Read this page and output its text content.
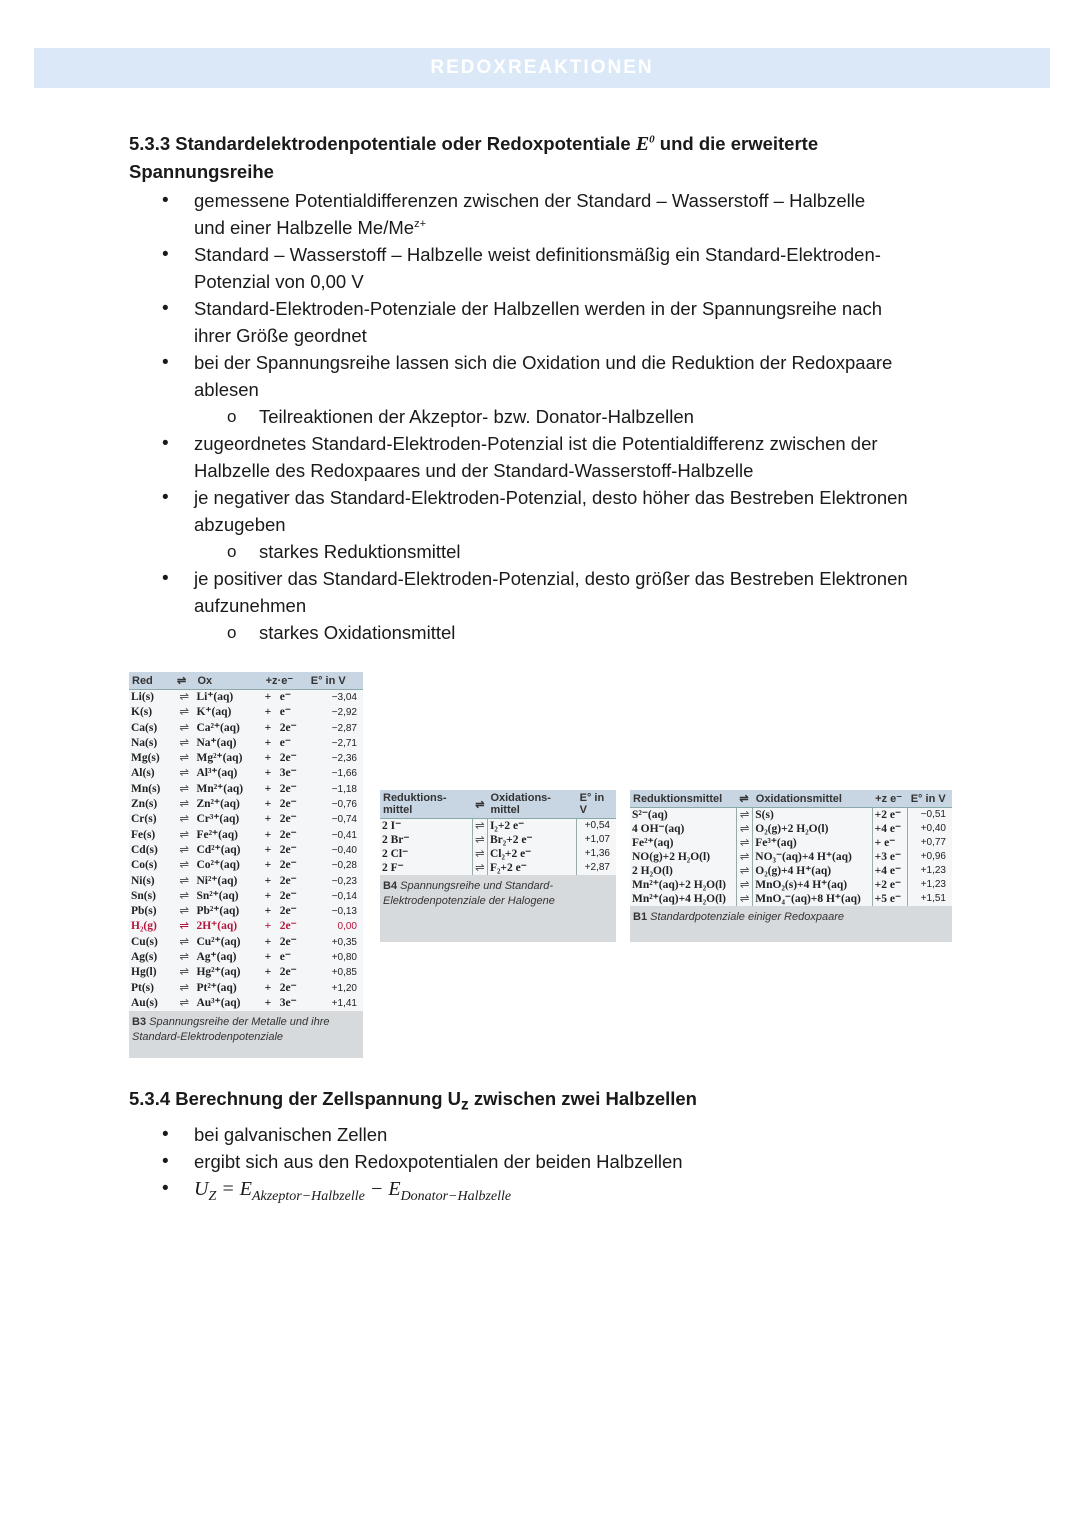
REDOXREAKTIONEN
5.3.3 Standardelektrodenpotentiale oder Redoxpotentiale $E^0$ und die erweiterte
Spannungsreihe
• gemessene Potentialdifferenzen zwischen der Standard – Wasserstoff – Halbzelle
und einer Halbzelle $Me/Me^{z+}$
• Standard – Wasserstoff – Halbzelle weist definitionsmäßig ein Standard-Elektroden-
Potenzial von 0,00 V
• Standard-Elektroden-Potenziale der Halbzellen werden in der Spannungsreihe nach
ihrer Größe geordnet
• bei der Spannungsreihe lassen sich die Oxidation und die Reduktion der Redoxpaare
ablesen
o Teilreaktionen der Akzeptor- bzw. Donator-Halbzellen
• zugeordnetes Standard-Elektroden-Potenzial ist die Potentialdifferenz zwischen der
Halbzelle des Redoxpaares und der Standard-Wasserstoff-Halbzelle
• je negativer das Standard-Elektroden-Potenzial, desto höher das Bestreben Elektronen
abzugeben
o starkes Reduktionsmittel
• je positiver das Standard-Elektroden-Potenzial, desto größer das Bestreben Elektronen
aufzunehmen
o starkes Oxidationsmittel
Red	⇌	Ox	+z·e⁻		E° in V
Li(s)	⇌	Li⁺(aq)	+	e⁻	−3,04
K(s)	⇌	K⁺(aq)	+	e⁻	−2,92
Ca(s)	⇌	Ca²⁺(aq)	+	2e⁻	−2,87
Na(s)	⇌	Na⁺(aq)	+	e⁻	−2,71
Mg(s)	⇌	Mg²⁺(aq)	+	2e⁻	−2,36
Al(s)	⇌	Al³⁺(aq)	+	3e⁻	−1,66
Mn(s)	⇌	Mn²⁺(aq)	+	2e⁻	−1,18
Zn(s)	⇌	Zn²⁺(aq)	+	2e⁻	−0,76
Cr(s)	⇌	Cr³⁺(aq)	+	2e⁻	−0,74
Fe(s)	⇌	Fe²⁺(aq)	+	2e⁻	−0,41
Cd(s)	⇌	Cd²⁺(aq)	+	2e⁻	−0,40
Co(s)	⇌	Co²⁺(aq)	+	2e⁻	−0,28
Ni(s)	⇌	Ni²⁺(aq)	+	2e⁻	−0,23
Sn(s)	⇌	Sn²⁺(aq)	+	2e⁻	−0,14
Pb(s)	⇌	Pb²⁺(aq)	+	2e⁻	−0,13
H₂(g)	⇌	2H⁺(aq)	+	2e⁻	0,00
Cu(s)	⇌	Cu²⁺(aq)	+	2e⁻	+0,35
Ag(s)	⇌	Ag⁺(aq)	+	e⁻	+0,80
Hg(l)	⇌	Hg²⁺(aq)	+	2e⁻	+0,85
Pt(s)	⇌	Pt²⁺(aq)	+	2e⁻	+1,20
Au(s)	⇌	Au³⁺(aq)	+	3e⁻	+1,41
B3 Spannungsreihe der Metalle und ihre Standard-Elektrodenpotenziale
Reduktions-mittel	⇌	Oxidations-mittel	E° in V
2 I⁻	⇌	I₂+2 e⁻	+0,54
2 Br⁻	⇌	Br₂+2 e⁻	+1,07
2 Cl⁻	⇌	Cl₂+2 e⁻	+1,36
2 F⁻	⇌	F₂+2 e⁻	+2,87
B4 Spannungsreihe und Standard-Elektrodenpotenziale der Halogene
Reduktionsmittel	⇌	Oxidationsmittel	+z e⁻	E° in V
S²⁻(aq)	⇌	S(s)	+2 e⁻	−0,51
4 OH⁻(aq)	⇌	O₂(g)+2 H₂O(l)	+4 e⁻	+0,40
Fe²⁺(aq)	⇌	Fe³⁺(aq)	+ e⁻	+0,77
NO(g)+2 H₂O(l)	⇌	NO₃⁻(aq)+4 H⁺(aq)	+3 e⁻	+0,96
2 H₂O(l)	⇌	O₂(g)+4 H⁺(aq)	+4 e⁻	+1,23
Mn²⁺(aq)+2 H₂O(l)	⇌	MnO₂(s)+4 H⁺(aq)	+2 e⁻	+1,23
Mn²⁺(aq)+4 H₂O(l)	⇌	MnO₄⁻(aq)+8 H⁺(aq)	+5 e⁻	+1,51
B1 Standardpotenziale einiger Redoxpaare
5.3.4 Berechnung der Zellspannung $U_z$ zwischen zwei Halbzellen
• bei galvanischen Zellen
• ergibt sich aus den Redoxpotentialen der beiden Halbzellen
• $U_Z = E_{Akzeptor-Halbzelle} - E_{Donator-Halbzelle}$
